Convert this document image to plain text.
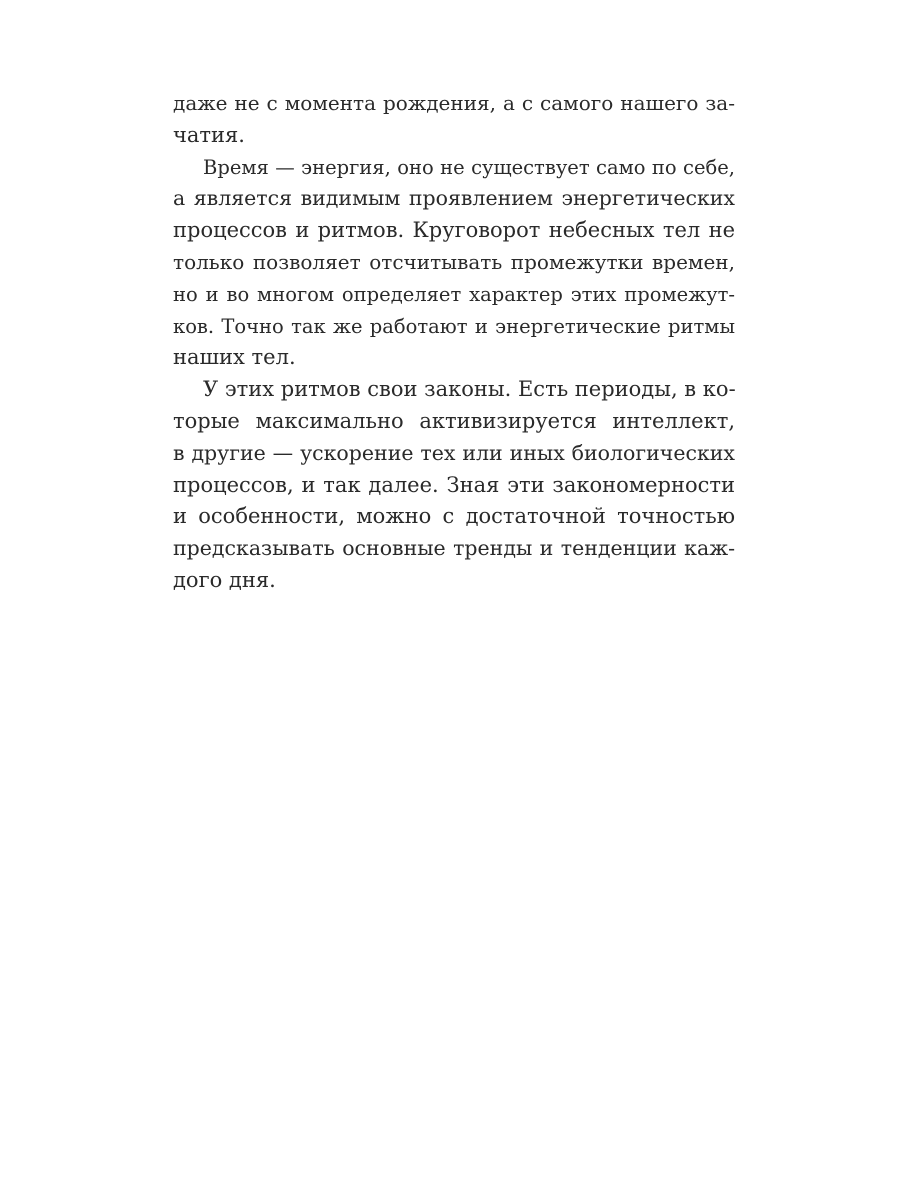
даже не с момента рождения, а с самого нашего за-
чатия.
Время — энергия, оно не существует само по себе,
а является видимым проявлением энергетических
процессов и ритмов. Круговорот небесных тел не
только позволяет отсчитывать промежутки времен,
но и во многом определяет характер этих промежут-
ков. Точно так же работают и энергетические ритмы
наших тел.
У этих ритмов свои законы. Есть периоды, в ко-
торые максимально активизируется интеллект,
в другие — ускорение тех или иных биологических
процессов, и так далее. Зная эти закономерности
и особенности, можно с достаточной точностью
предсказывать основные тренды и тенденции каж-
дого дня.
